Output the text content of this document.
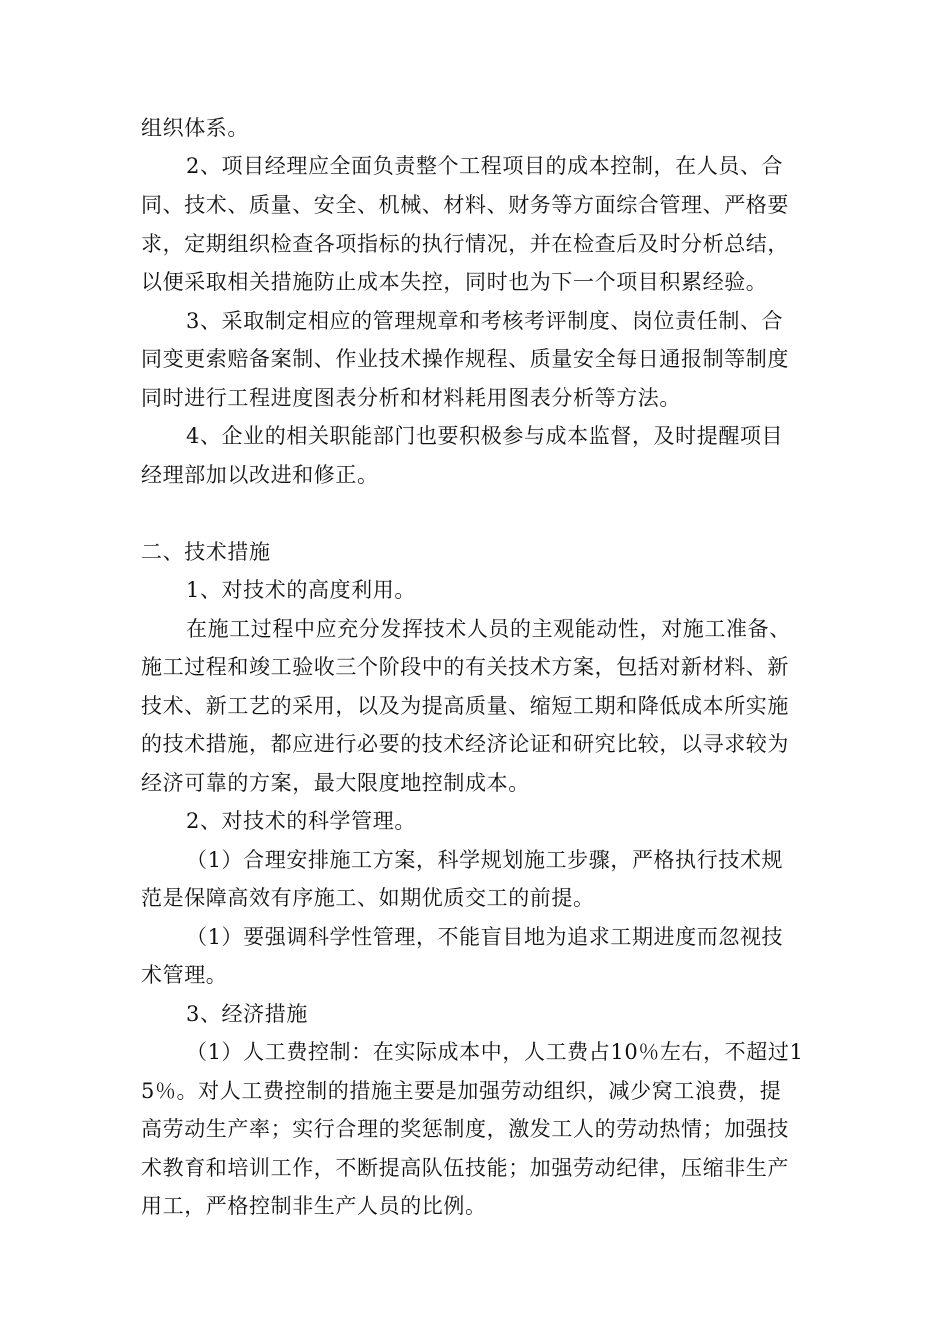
组织体系。
2、项目经理应全面负责整个工程项目的成本控制，在人员、合
同、技术、质量、安全、机械、材料、财务等方面综合管理、严格要
求，定期组织检查各项指标的执行情况，并在检查后及时分析总结，
以便采取相关措施防止成本失控，同时也为下一个项目积累经验。
3、采取制定相应的管理规章和考核考评制度、岗位责任制、合
同变更索赔备案制、作业技术操作规程、质量安全每日通报制等制度
同时进行工程进度图表分析和材料耗用图表分析等方法。
4、企业的相关职能部门也要积极参与成本监督，及时提醒项目
经理部加以改进和修正。
二、技术措施
1、对技术的高度利用。
在施工过程中应充分发挥技术人员的主观能动性，对施工准备、
施工过程和竣工验收三个阶段中的有关技术方案，包括对新材料、新
技术、新工艺的采用，以及为提高质量、缩短工期和降低成本所实施
的技术措施，都应进行必要的技术经济论证和研究比较，以寻求较为
经济可靠的方案，最大限度地控制成本。
2、对技术的科学管理。
（1）合理安排施工方案，科学规划施工步骤，严格执行技术规
范是保障高效有序施工、如期优质交工的前提。
（1）要强调科学性管理，不能盲目地为追求工期进度而忽视技
术管理。
3、经济措施
（1）人工费控制：在实际成本中，人工费占10％左右，不超过1
5％。对人工费控制的措施主要是加强劳动组织，减少窝工浪费，提
高劳动生产率；实行合理的奖惩制度，激发工人的劳动热情；加强技
术教育和培训工作，不断提高队伍技能；加强劳动纪律，压缩非生产
用工，严格控制非生产人员的比例。
